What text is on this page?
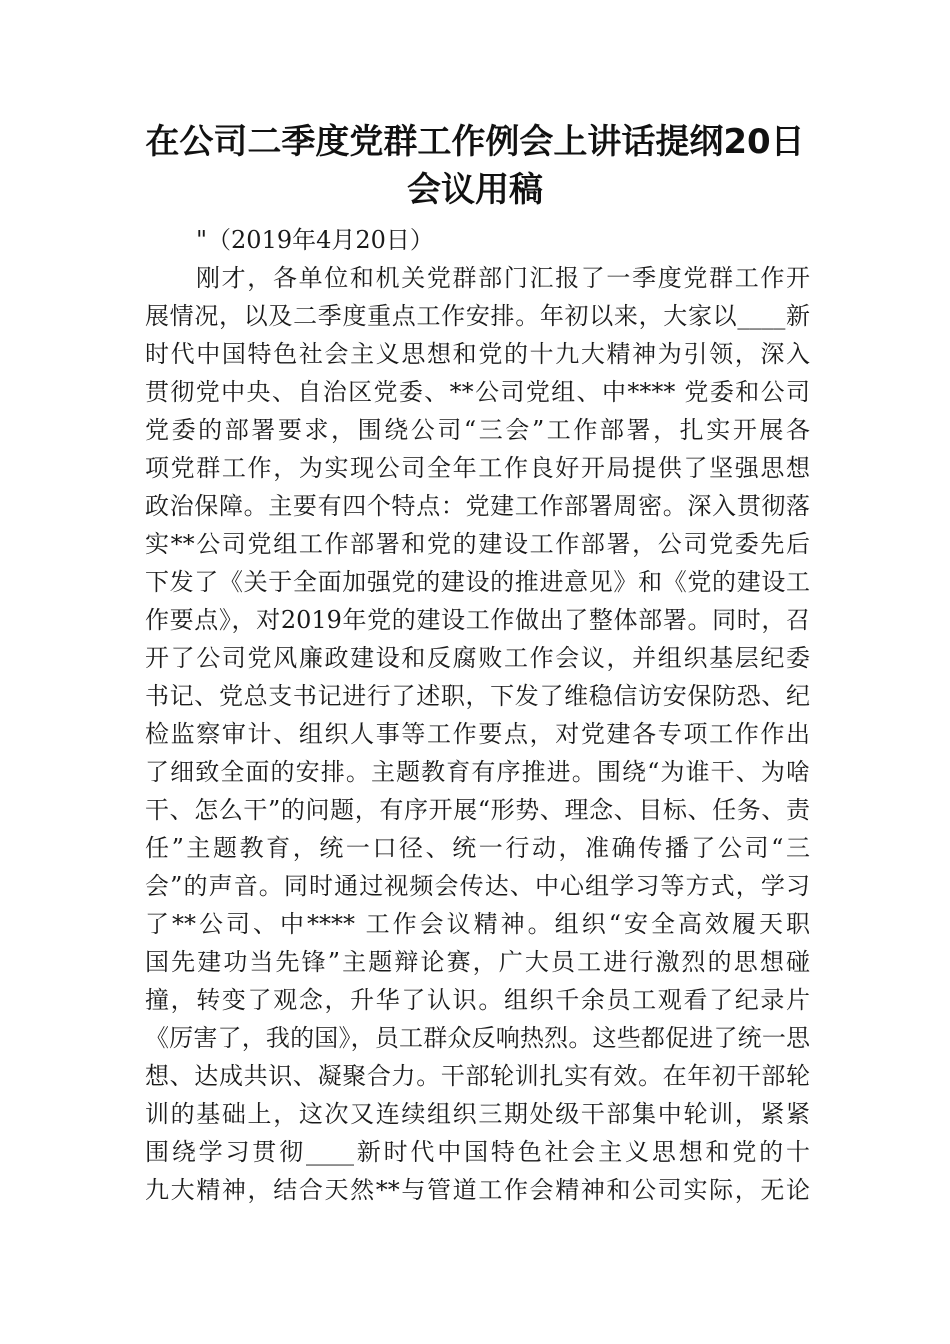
在公司二季度党群工作例会上讲话提纲20日
会议用稿
"（2019年4月20日）
刚才，各单位和机关党群部门汇报了一季度党群工作开
展情况，以及二季度重点工作安排。年初以来，大家以____新
时代中国特色社会主义思想和党的十九大精神为引领，深入
贯彻党中央、自治区党委、**公司党组、中**** 党委和公司
党委的部署要求，围绕公司“三会”工作部署，扎实开展各
项党群工作，为实现公司全年工作良好开局提供了坚强思想
政治保障。主要有四个特点：党建工作部署周密。深入贯彻落
实**公司党组工作部署和党的建设工作部署，公司党委先后
下发了《关于全面加强党的建设的推进意见》和《党的建设工
作要点》，对2019年党的建设工作做出了整体部署。同时，召
开了公司党风廉政建设和反腐败工作会议，并组织基层纪委
书记、党总支书记进行了述职，下发了维稳信访安保防恐、纪
检监察审计、组织人事等工作要点，对党建各专项工作作出
了细致全面的安排。主题教育有序推进。围绕“为谁干、为啥
干、怎么干”的问题，有序开展“形势、理念、目标、任务、责
任”主题教育，统一口径、统一行动，准确传播了公司“三
会”的声音。同时通过视频会传达、中心组学习等方式，学习
了**公司、中**** 工作会议精神。组织“安全高效履天职
国先建功当先锋”主题辩论赛，广大员工进行激烈的思想碰
撞，转变了观念，升华了认识。组织千余员工观看了纪录片
《厉害了，我的国》，员工群众反响热烈。这些都促进了统一思
想、达成共识、凝聚合力。干部轮训扎实有效。在年初干部轮
训的基础上，这次又连续组织三期处级干部集中轮训，紧紧
围绕学习贯彻____新时代中国特色社会主义思想和党的十
九大精神，结合天然**与管道工作会精神和公司实际，无论
